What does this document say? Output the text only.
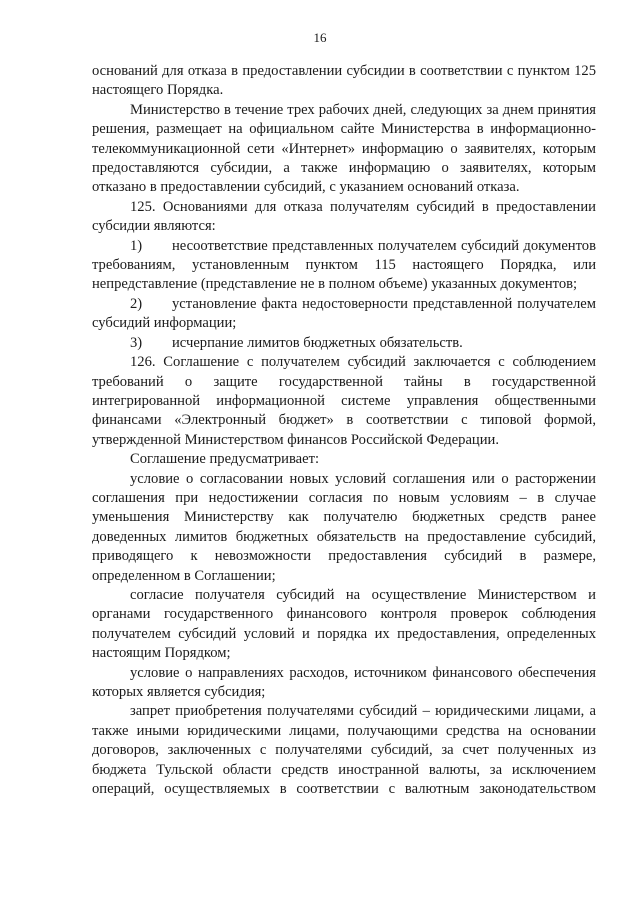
16

оснований для отказа в предоставлении субсидии в соответствии с пунктом 125 настоящего Порядка.

Министерство в течение трех рабочих дней, следующих за днем принятия решения, размещает на официальном сайте Министерства в информационно-телекоммуникационной сети «Интернет» информацию о заявителях, которым предоставляются субсидии, а также информацию о заявителях, которым отказано в предоставлении субсидий, с указанием оснований отказа.

125. Основаниями для отказа получателям субсидий в предоставлении субсидии являются:

1) несоответствие представленных получателем субсидий документов требованиям, установленным пунктом 115 настоящего Порядка, или непредставление (представление не в полном объеме) указанных документов;

2) установление факта недостоверности представленной получателем субсидий информации;

3) исчерпание лимитов бюджетных обязательств.

126. Соглашение с получателем субсидий заключается с соблюдением требований о защите государственной тайны в государственной интегрированной информационной системе управления общественными финансами «Электронный бюджет» в соответствии с типовой формой, утвержденной Министерством финансов Российской Федерации.

Соглашение предусматривает:

условие о согласовании новых условий соглашения или о расторжении соглашения при недостижении согласия по новым условиям – в случае уменьшения Министерству как получателю бюджетных средств ранее доведенных лимитов бюджетных обязательств на предоставление субсидий, приводящего к невозможности предоставления субсидий в размере, определенном в Соглашении;

согласие получателя субсидий на осуществление Министерством и органами государственного финансового контроля проверок соблюдения получателем субсидий условий и порядка их предоставления, определенных настоящим Порядком;

условие о направлениях расходов, источником финансового обеспечения которых является субсидия;

запрет приобретения получателями субсидий – юридическими лицами, а также иными юридическими лицами, получающими средства на основании договоров, заключенных с получателями субсидий, за счет полученных из бюджета Тульской области средств иностранной валюты, за исключением операций, осуществляемых в соответствии с валютным законодательством
